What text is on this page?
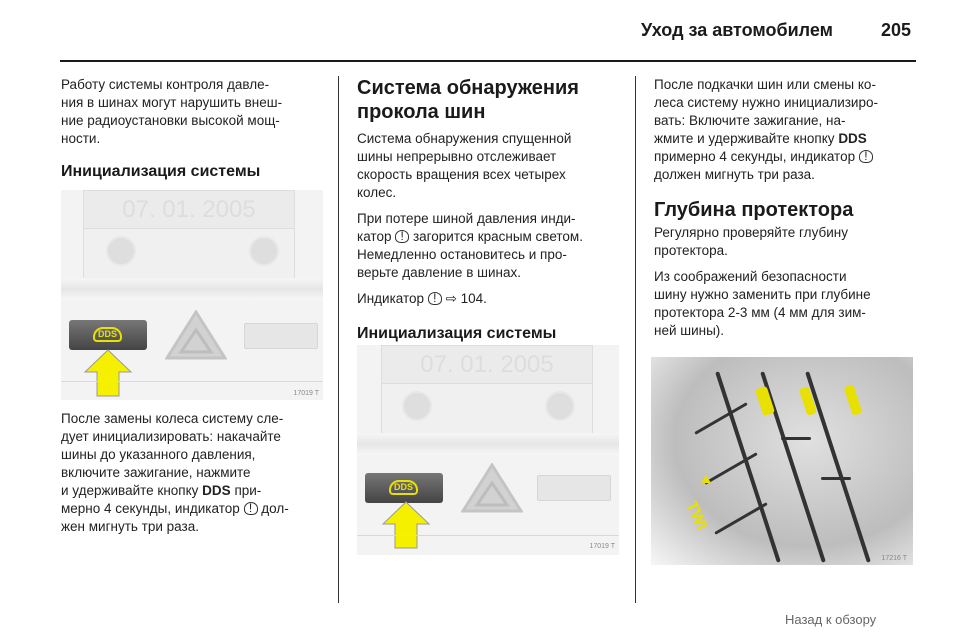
Уход за автомобилем	205

Работу системы контроля давле-
ния в шинах могут нарушить внеш-
ние радиоустановки высокой мощ-
ности.

Инициализация системы
07. 01. 2005
DDS
17019 T

После замены колеса систему сле-
дует инициализировать: накачайте
шины до указанного давления,
включите зажигание, нажмите
и удерживайте кнопку DDS при-
мерно 4 секунды, индикатор ! дол-
жен мигнуть три раза.

Система обнаружения
прокола шин

Система обнаружения спущенной
шины непрерывно отслеживает
скорость вращения всех четырех
колес.

При потере шиной давления инди-
катор ! загорится красным светом.
Немедленно остановитесь и про-
верьте давление в шинах.

Индикатор ! ⇨ 104.

Инициализация системы
07. 01. 2005
DDS
17019 T

После подкачки шин или смены ко-
леса систему нужно инициализиро-
вать: Включите зажигание, на-
жмите и удерживайте кнопку DDS
примерно 4 секунды, индикатор !
должен мигнуть три раза.

Глубина протектора

Регулярно проверяйте глубину
протектора.

Из соображений безопасности
шину нужно заменить при глубине
протектора 2-3 мм (4 мм для зим-
ней шины).

TWI
17216 T
Назад к обзору
